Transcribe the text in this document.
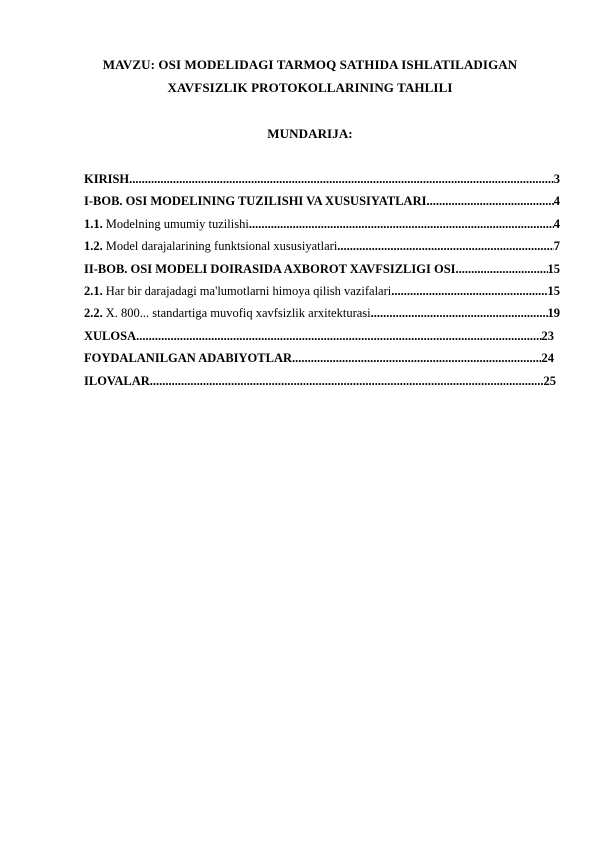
MAVZU: OSI MODELIDAGI TARMOQ SATHIDA ISHLATILADIGAN
XAVFSIZLIK PROTOKOLLARINING TAHLILI
MUNDARIJA:
KIRISH .....	3
I-BOB. OSI MODELINING TUZILISHI VA XUSUSIYATLARI .....	4
1.1. Modelning umumiy tuzilishi .....	4
1.2. Model darajalarining funktsional xususiyatlari .....	7
II-BOB. OSI MODELI DOIRASIDA AXBOROT XAVFSIZLIGI OSI .....	15
2.1. Har bir darajadagi ma'lumotlarni himoya qilish vazifalari .....	15
2.2. X. 800... standartiga muvofiq xavfsizlik arxitekturasi .....	19
XULOSA .....	23
FOYDALANILGAN ADABIYOTLAR .....	24
ILOVALAR .....	25
